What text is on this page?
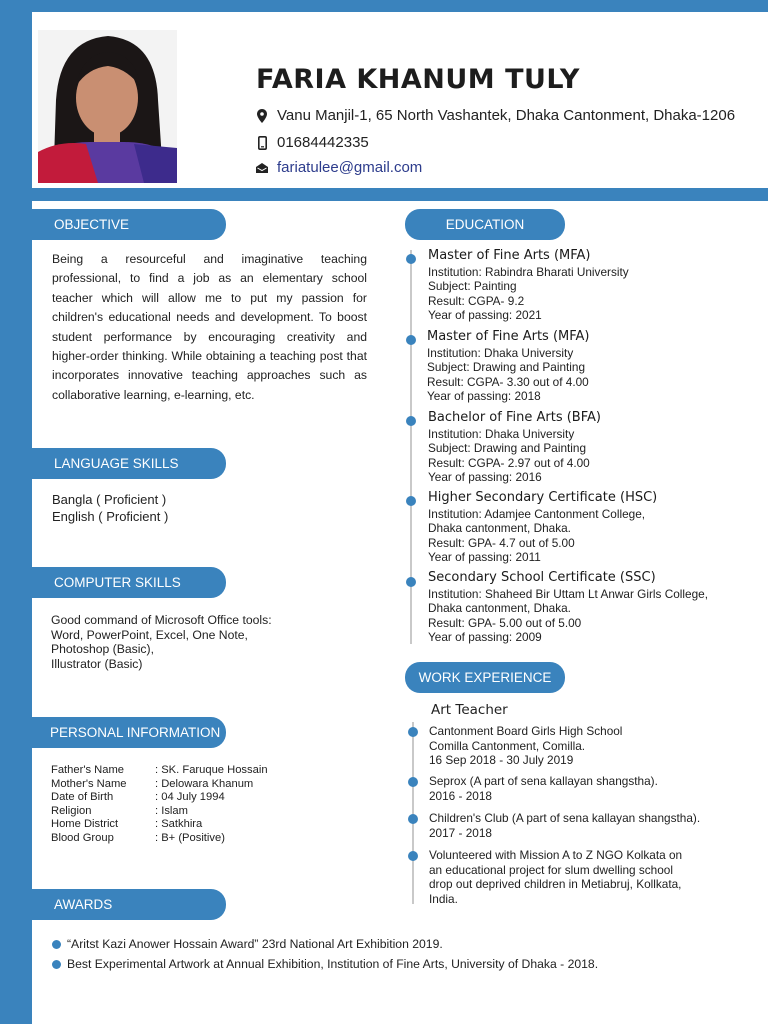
FARIA KHANUM TULY
Vanu Manjil-1, 65 North Vashantek, Dhaka Cantonment, Dhaka-1206
01684442335
fariatulee@gmail.com
OBJECTIVE

Being a resourceful and imaginative teaching professional, to find a job as an elementary school teacher which will allow me to put my passion for children's educational needs and development. To boost student performance by encouraging creativity and higher-order thinking. While obtaining a teaching post that incorporates innovative teaching approaches such as collaborative learning, e-learning, etc.

LANGUAGE SKILLS
Bangla ( Proficient )
English ( Proficient )
COMPUTER SKILLS
Good command of Microsoft Office tools:
Word, PowerPoint, Excel, One Note,
Photoshop (Basic),
Illustrator (Basic)
PERSONAL INFORMATION
Father's Name	: SK. Faruque Hossain
Mother's Name	: Delowara Khanum
Date of Birth	: 04 July 1994
Religion	: Islam
Home District	: Satkhira
Blood Group	: B+ (Positive)
AWARDS
“Aritst Kazi Anower Hossain Award” 23rd National Art Exhibition 2019.
Best Experimental Artwork at Annual Exhibition, Institution of Fine Arts, University of Dhaka - 2018.
EDUCATION
Master of Fine Arts (MFA)
Institution: Rabindra Bharati University
Subject: Painting
Result: CGPA- 9.2
Year of passing: 2021
Master of Fine Arts (MFA)
Institution: Dhaka University
Subject: Drawing and Painting
Result: CGPA- 3.30 out of 4.00
Year of passing: 2018
Bachelor of Fine Arts (BFA)
Institution: Dhaka University
Subject: Drawing and Painting
Result: CGPA- 2.97 out of 4.00
Year of passing: 2016
Higher Secondary Certificate (HSC)
Institution: Adamjee Cantonment College,
Dhaka cantonment, Dhaka.
Result: GPA- 4.7 out of 5.00
Year of passing: 2011
Secondary School Certificate (SSC)
Institution: Shaheed Bir Uttam Lt Anwar Girls College,
Dhaka cantonment, Dhaka.
Result: GPA- 5.00 out of 5.00
Year of passing: 2009
WORK EXPERIENCE
Art Teacher
Cantonment Board Girls High School
Comilla Cantonment, Comilla.
16 Sep 2018 - 30 July 2019
Seprox (A part of sena kallayan shangstha).
2016 - 2018
Children's Club (A part of sena kallayan shangstha).
2017 - 2018
Volunteered with Mission A to Z NGO Kolkata on
an educational project for slum dwelling school
drop out deprived children in Metiabruj, Kollkata,
India.
